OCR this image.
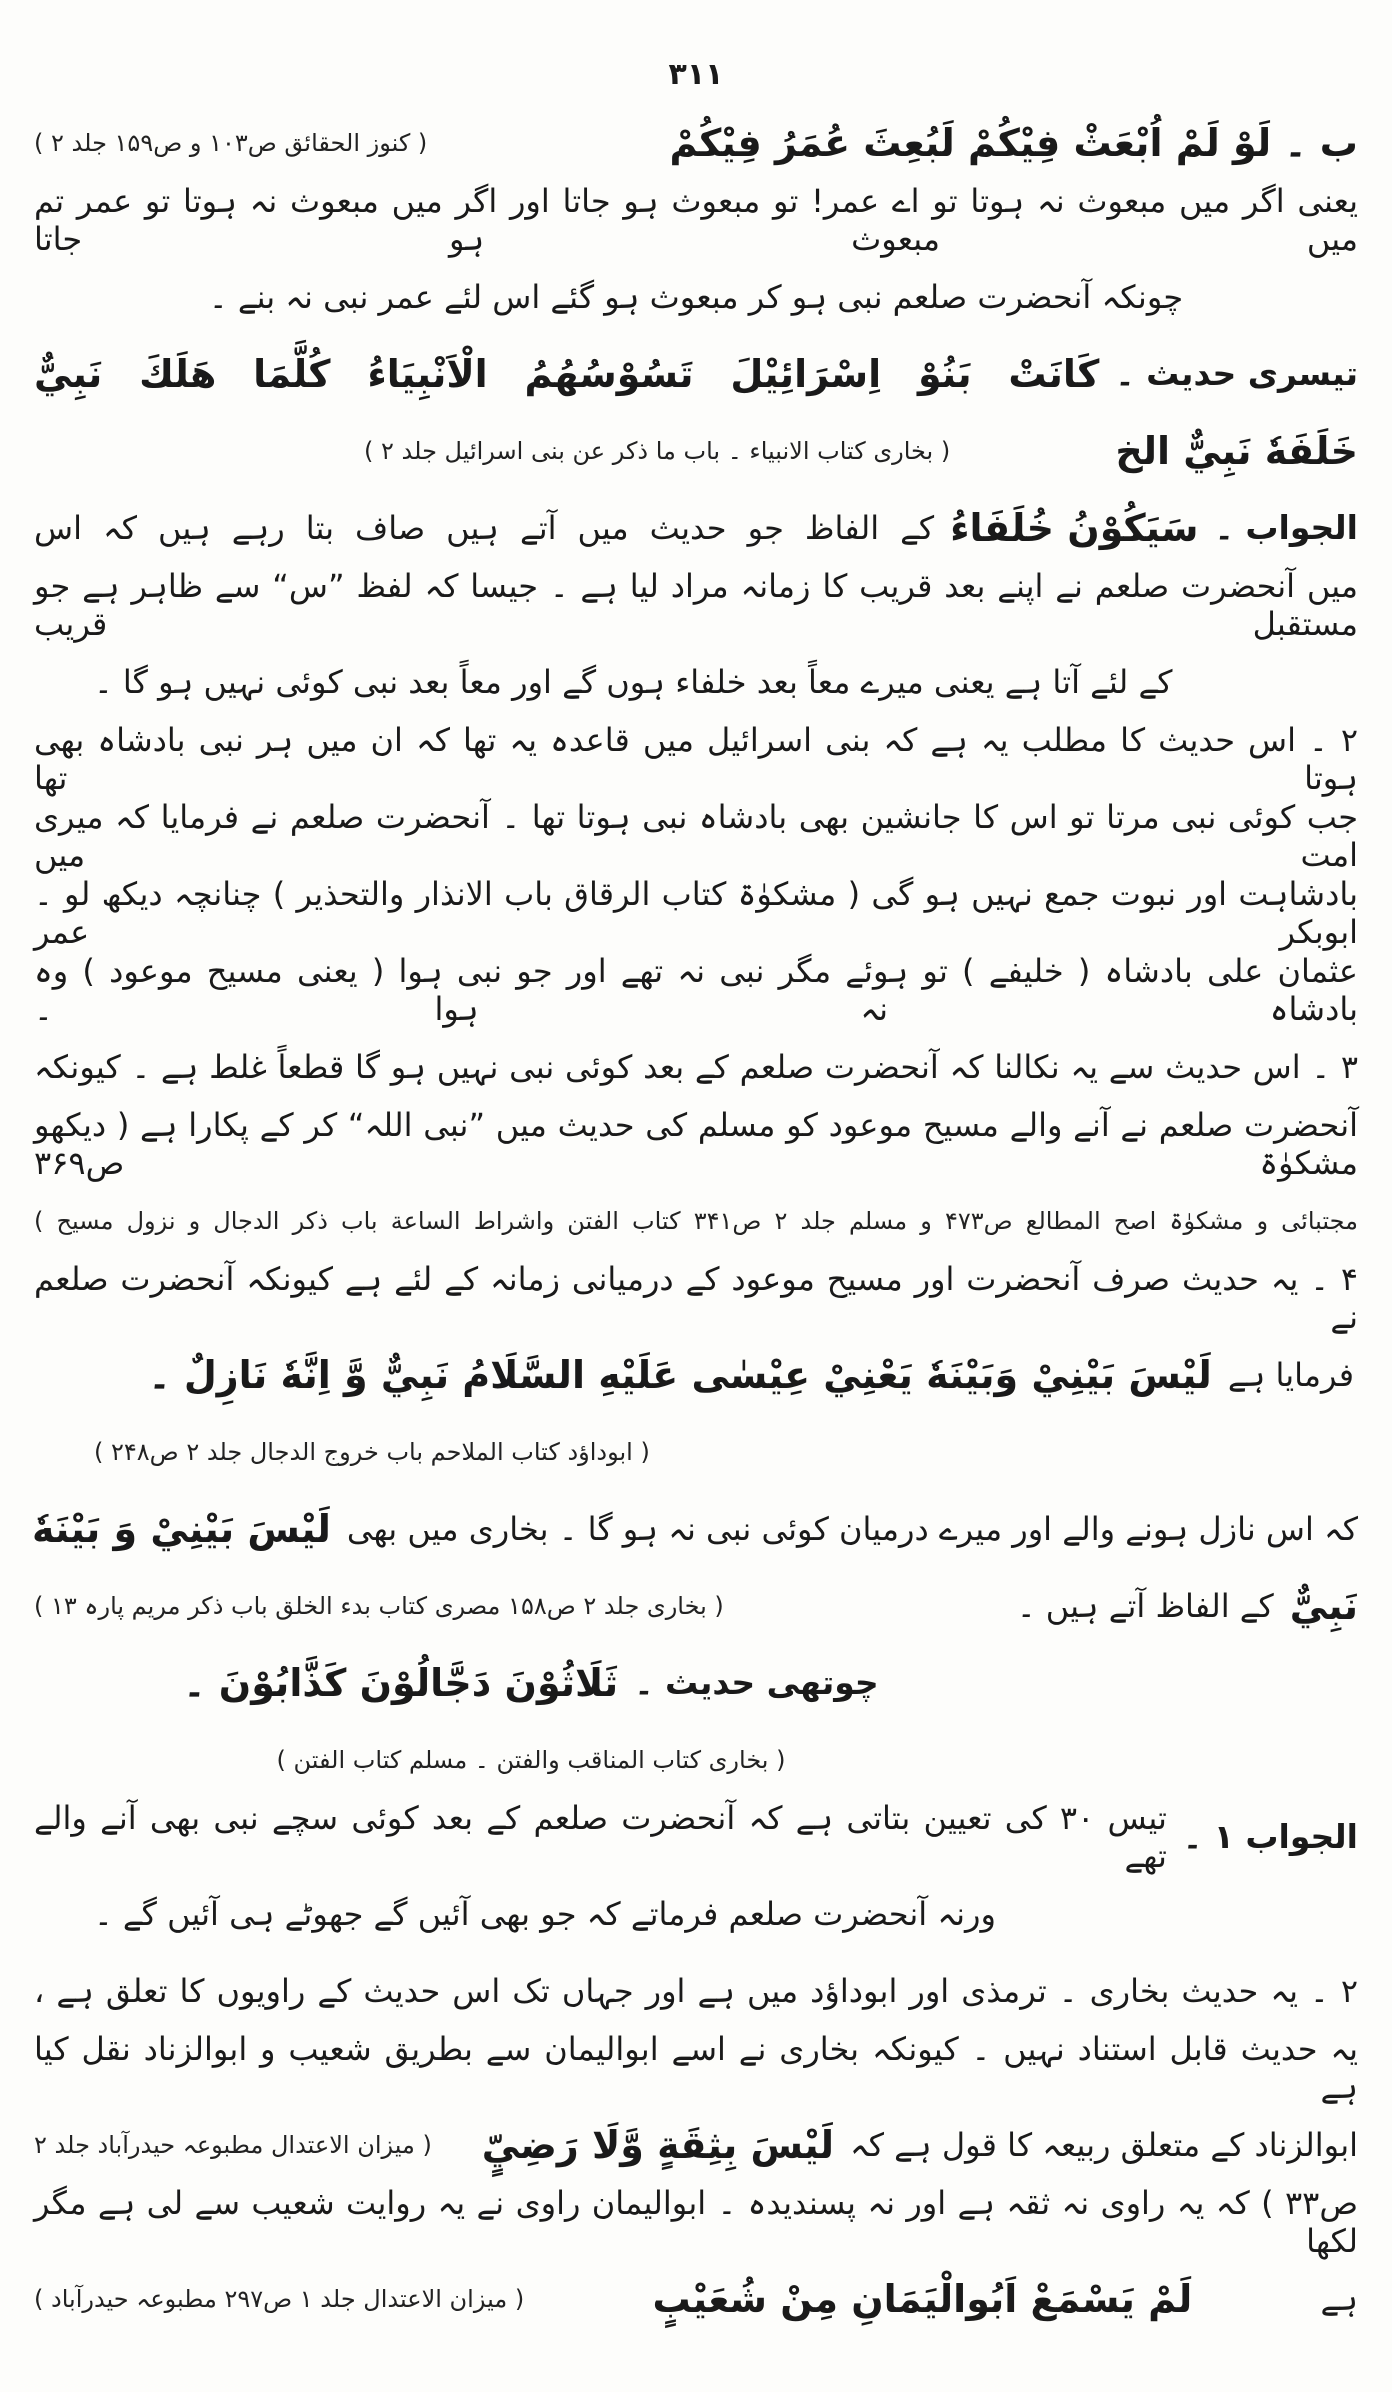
۳۱۱
ب ۔ لَوْ لَمْ اُبْعَثْ فِيْكُمْ لَبُعِثَ عُمَرُ فِيْكُمْ
( كنوز الحقائق ص۱۰۳ و ص۱۵۹ جلد ۲ )
یعنی اگر میں مبعوث نہ ہوتا تو اے عمر! تو مبعوث ہو جاتا اور اگر میں مبعوث نہ ہوتا تو عمر تم میں مبعوث ہو جاتا
چونکہ آنحضرت صلعم نبی ہو کر مبعوث ہو گئے اس لئے عمر نبی نہ بنے ۔
تیسری حدیث ۔
كَانَتْ بَنُوْ اِسْرَائِيْلَ تَسُوْسُهُمُ الْاَنْبِيَاءُ كُلَّمَا هَلَكَ نَبِيٌّ
خَلَفَهٗ نَبِيٌّ الخ
( بخاری کتاب الانبیاء ۔ باب ما ذکر عن بنی اسرائیل جلد ۲ )
الجواب ۔
سَيَكُوْنُ خُلَفَاءُ
کے الفاظ جو حدیث میں آتے ہیں صاف بتا رہے ہیں کہ اس
میں آنحضرت صلعم نے اپنے بعد قریب کا زمانہ مراد لیا ہے ۔ جیسا کہ لفظ ”س“ سے ظاہر ہے جو مستقبل قریب
کے لئے آتا ہے یعنی میرے معاً بعد خلفاء ہوں گے اور معاً بعد نبی کوئی نہیں ہو گا ۔
۲ ۔ اس حدیث کا مطلب یہ ہے کہ بنی اسرائیل میں قاعدہ یہ تھا کہ ان میں ہر نبی بادشاہ بھی ہوتا تھا
جب کوئی نبی مرتا تو اس کا جانشین بھی بادشاہ نبی ہوتا تھا ۔ آنحضرت صلعم نے فرمایا کہ میری امت میں
بادشاہت اور نبوت جمع نہیں ہو گی ( مشکوٰۃ کتاب الرقاق باب الانذار والتحذیر ) چنانچہ دیکھ لو ۔ ابوبکر عمر
عثمان علی بادشاہ ( خلیفے ) تو ہوئے مگر نبی نہ تھے اور جو نبی ہوا ( یعنی مسیح موعود ) وہ بادشاہ نہ ہوا ۔
۳ ۔ اس حدیث سے یہ نکالنا کہ آنحضرت صلعم کے بعد کوئی نبی نہیں ہو گا قطعاً غلط ہے ۔ کیونکہ
آنحضرت صلعم نے آنے والے مسیح موعود کو مسلم کی حدیث میں ”نبی اللہ“ کر کے پکارا ہے ( دیکھو مشکوٰۃ ص۳۶۹
مجتبائی و مشکوٰۃ اصح المطالع ص۴۷۳ و مسلم جلد ۲ ص۳۴۱ کتاب الفتن واشراط الساعة باب ذکر الدجال و نزول مسیح )
۴ ۔ یہ حدیث صرف آنحضرت اور مسیح موعود کے درمیانی زمانہ کے لئے ہے کیونکہ آنحضرت صلعم نے
فرمایا ہے
لَيْسَ بَيْنِيْ وَبَيْنَهٗ يَعْنِيْ عِيْسٰى عَلَيْهِ السَّلَامُ نَبِيٌّ وَّ اِنَّهٗ نَازِلٌ ۔
( ابوداؤد کتاب الملاحم باب خروج الدجال جلد ۲ ص۲۴۸ )
کہ اس نازل ہونے والے اور میرے درمیان کوئی نبی نہ ہو گا ۔ بخاری میں بھی
لَيْسَ بَيْنِيْ وَ بَيْنَهٗ
نَبِيٌّ
کے الفاظ آتے ہیں ۔
( بخاری جلد ۲ ص۱۵۸ مصری کتاب بدء الخلق باب ذکر مریم پارہ ۱۳ )
چوتھی حدیث ۔
ثَلَاثُوْنَ دَجَّالُوْنَ كَذَّابُوْنَ ۔
( بخاری کتاب المناقب والفتن ۔ مسلم کتاب الفتن )
الجواب ۱ ۔
تیس ۳۰ کی تعیین بتاتی ہے کہ آنحضرت صلعم کے بعد کوئی سچے نبی بھی آنے والے تھے
ورنہ آنحضرت صلعم فرماتے کہ جو بھی آئیں گے جھوٹے ہی آئیں گے ۔
۲ ۔ یہ حدیث بخاری ۔ ترمذی اور ابوداؤد میں ہے اور جہاں تک اس حدیث کے راویوں کا تعلق ہے ،
یہ حدیث قابل استناد نہیں ۔ کیونکہ بخاری نے اسے ابوالیمان سے بطریق شعیب و ابوالزناد نقل کیا ہے
ابوالزناد کے متعلق ربیعہ کا قول ہے کہ
لَيْسَ بِثِقَةٍ وَّلَا رَضِيٍّ
( میزان الاعتدال مطبوعہ حیدرآباد جلد ۲
ص۳۳ ) کہ یہ راوی نہ ثقہ ہے اور نہ پسندیدہ ۔ ابوالیمان راوی نے یہ روایت شعیب سے لی ہے مگر لکھا
ہے
لَمْ يَسْمَعْ اَبُوالْيَمَانِ مِنْ شُعَيْبٍ
( میزان الاعتدال جلد ۱ ص۲۹۷ مطبوعہ حیدرآباد )
